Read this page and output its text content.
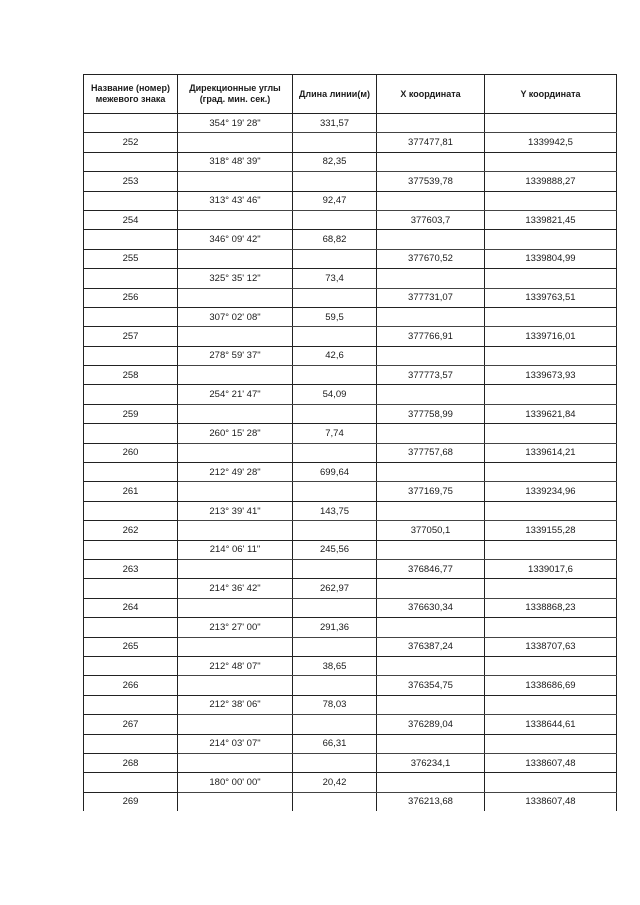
Название (номер) межевого знака	Дирекционные углы (град. мин. сек.)	Длина линии(м)	X координата	Y координата
	354° 19' 28"	331,57		
252			377477,81	1339942,5
	318° 48' 39"	82,35		
253			377539,78	1339888,27
	313° 43' 46"	92,47		
254			377603,7	1339821,45
	346° 09' 42"	68,82		
255			377670,52	1339804,99
	325° 35' 12"	73,4		
256			377731,07	1339763,51
	307° 02' 08"	59,5		
257			377766,91	1339716,01
	278° 59' 37"	42,6		
258			377773,57	1339673,93
	254° 21' 47"	54,09		
259			377758,99	1339621,84
	260° 15' 28"	7,74		
260			377757,68	1339614,21
	212° 49' 28"	699,64		
261			377169,75	1339234,96
	213° 39' 41"	143,75		
262			377050,1	1339155,28
	214° 06' 11"	245,56		
263			376846,77	1339017,6
	214° 36' 42"	262,97		
264			376630,34	1338868,23
	213° 27' 00"	291,36		
265			376387,24	1338707,63
	212° 48' 07"	38,65		
266			376354,75	1338686,69
	212° 38' 06"	78,03		
267			376289,04	1338644,61
	214° 03' 07"	66,31		
268			376234,1	1338607,48
	180° 00' 00"	20,42		
269			376213,68	1338607,48
